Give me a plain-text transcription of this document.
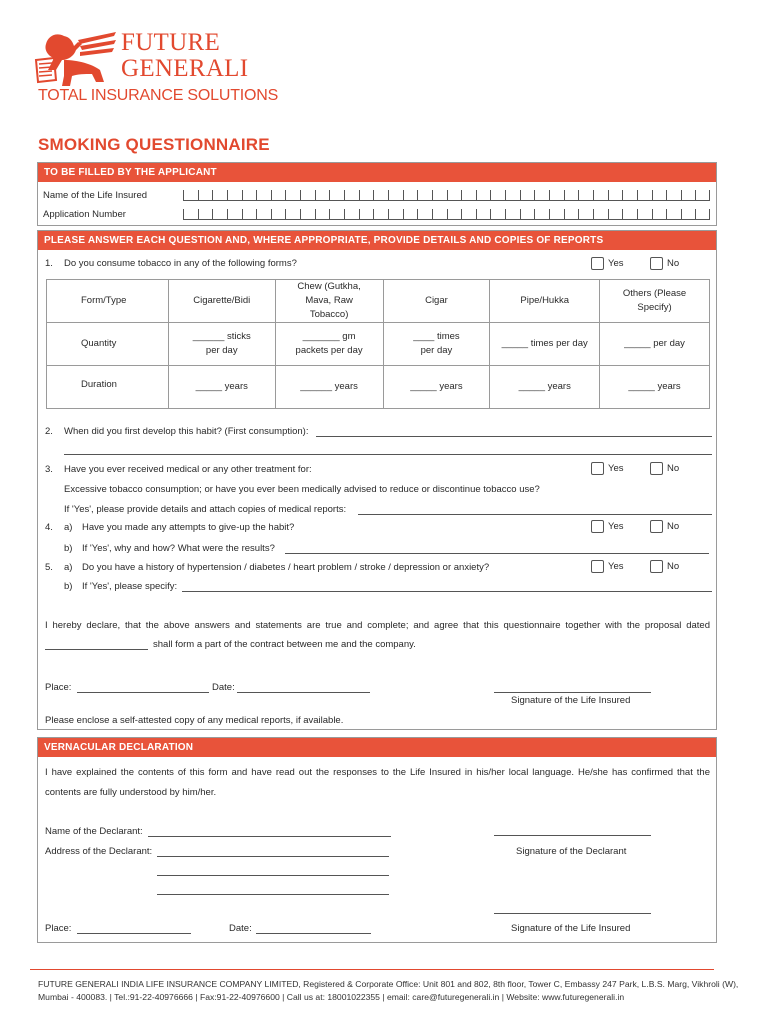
FUTURE
GENERALI
TOTAL INSURANCE SOLUTIONS
SMOKING QUESTIONNAIRE
TO BE FILLED BY THE APPLICANT
Name of the Life Insured
Application Number
PLEASE ANSWER EACH QUESTION AND, WHERE APPROPRIATE, PROVIDE DETAILS AND COPIES OF REPORTS
1. Do you consume tobacco in any of the following forms?	Yes	No
Form/Type	Cigarette/Bidi	Chew (Gutkha, Mava, Raw Tobacco)	Cigar	Pipe/Hukka	Others (Please Specify)
Quantity	______ sticks per day	_______ gm packets per day	____ times per day	_____ times per day	_____ per day
Duration	_____ years	______ years	_____ years	_____ years	_____ years
2. When did you first develop this habit? (First consumption):
3. Have you ever received medical or any other treatment for:	Yes	No
Excessive tobacco consumption; or have you ever been medically advised to reduce or discontinue tobacco use?
If 'Yes', please provide details and attach copies of medical reports:
4. a) Have you made any attempts to give-up the habit?	Yes	No
b) If 'Yes', why and how? What were the results?
5. a) Do you have a history of hypertension / diabetes / heart problem / stroke / depression or anxiety?	Yes	No
b) If 'Yes', please specify:
I hereby declare, that the above answers and statements are true and complete; and agree that this questionnaire together with the proposal dated
shall form a part of the contract between me and the company.
Place:	Date:
Signature of the Life Insured
Please enclose a self-attested copy of any medical reports, if available.
VERNACULAR DECLARATION
I have explained the contents of this form and have read out the responses to the Life Insured in his/her local language. He/she has confirmed that the
contents are fully understood by him/her.
Name of the Declarant:
Address of the Declarant:	Signature of the Declarant
Place:	Date:	Signature of the Life Insured
FUTURE GENERALI INDIA LIFE INSURANCE COMPANY LIMITED, Registered & Corporate Office: Unit 801 and 802, 8th floor, Tower C, Embassy 247 Park, L.B.S. Marg, Vikhroli (W),
Mumbai - 400083. | Tel.:91-22-40976666 | Fax:91-22-40976600 | Call us at: 18001022355 | email: care@futuregenerali.in | Website: www.futuregenerali.in
